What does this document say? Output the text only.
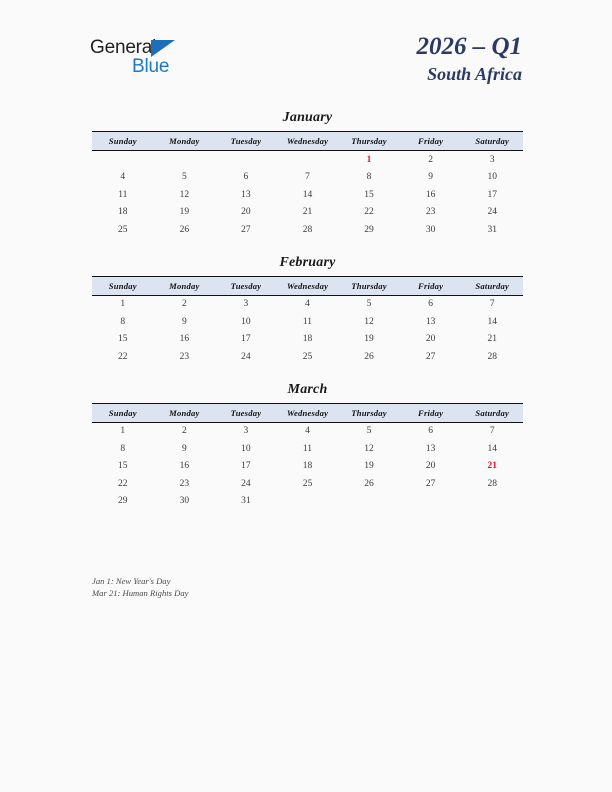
General
Blue
2026 – Q1
South Africa
January
Sunday	Monday	Tuesday	Wednesday	Thursday	Friday	Saturday
				1	2	3
4	5	6	7	8	9	10
11	12	13	14	15	16	17
18	19	20	21	22	23	24
25	26	27	28	29	30	31
February
Sunday	Monday	Tuesday	Wednesday	Thursday	Friday	Saturday
1	2	3	4	5	6	7
8	9	10	11	12	13	14
15	16	17	18	19	20	21
22	23	24	25	26	27	28
March
Sunday	Monday	Tuesday	Wednesday	Thursday	Friday	Saturday
1	2	3	4	5	6	7
8	9	10	11	12	13	14
15	16	17	18	19	20	21
22	23	24	25	26	27	28
29	30	31				
Jan 1: New Year's Day
Mar 21: Human Rights Day
